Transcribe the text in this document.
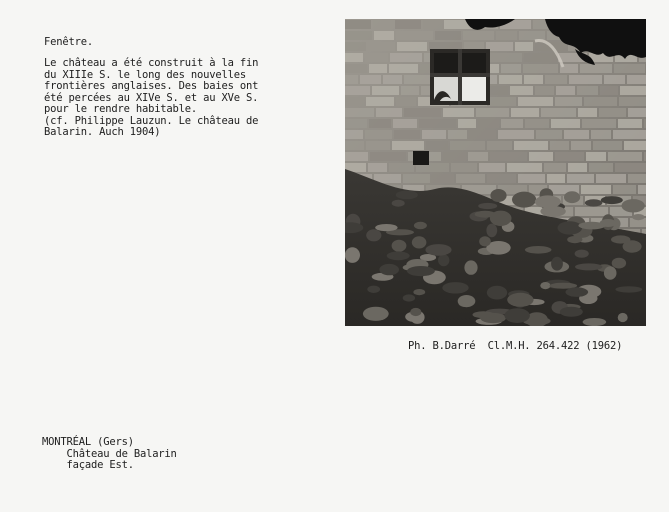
Fenêtre.
Le château a été construit à la fin
du XIIIe S. le long des nouvelles
frontières anglaises. Des baies ont
été percées au XIVe S. et au XVe S.
pour le rendre habitable.
(cf. Philippe Lauzun. Le château de
Balarin. Auch 1904)
Ph. B.Darré  Cl.M.H. 264.422 (1962)
MONTRÉAL (Gers)
Château de Balarin
façade Est.
